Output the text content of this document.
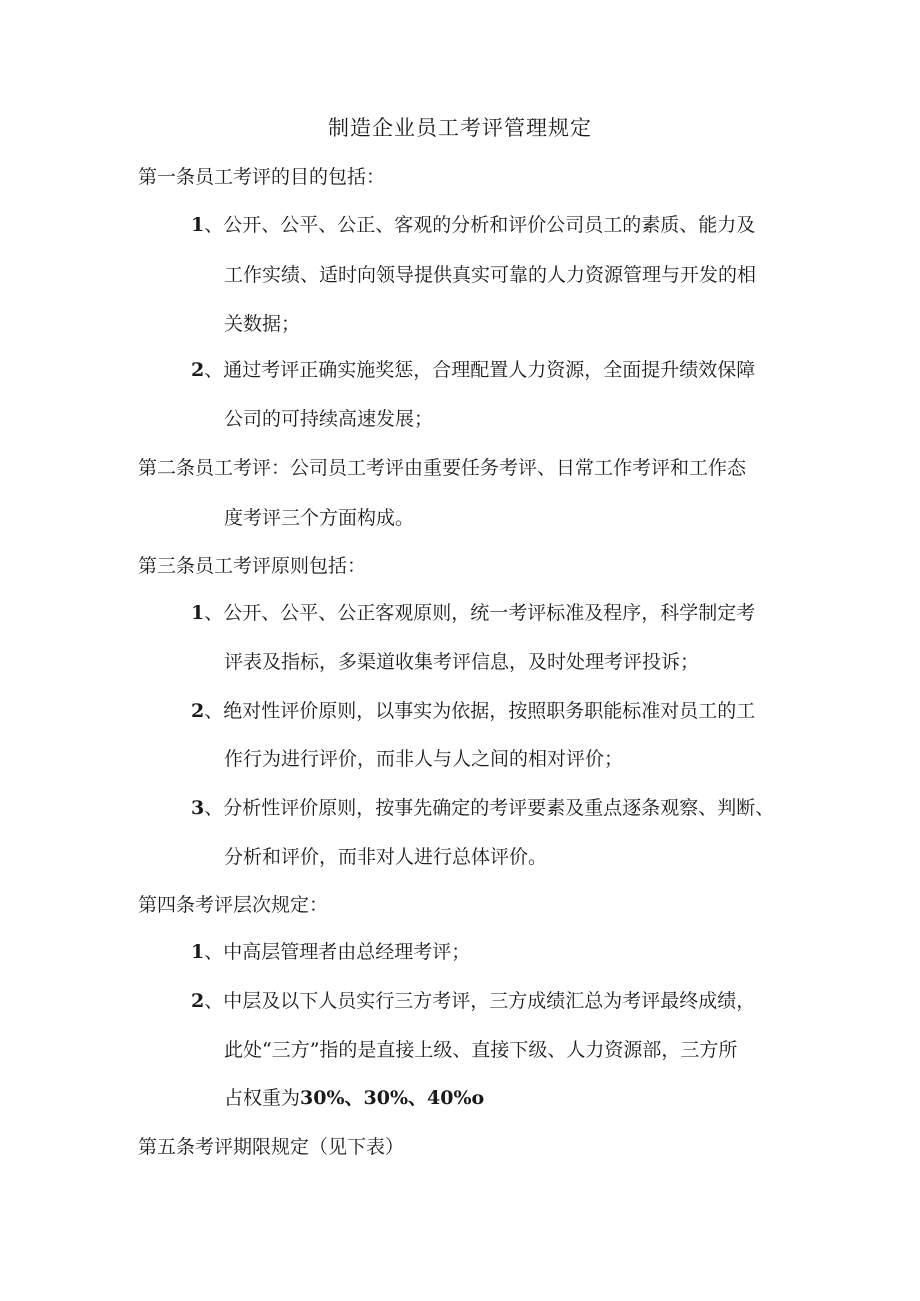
制造企业员工考评管理规定
第一条员工考评的目的包括：
1、公开、公平、公正、客观的分析和评价公司员工的素质、能力及
工作实绩、适时向领导提供真实可靠的人力资源管理与开发的相
关数据；
2、通过考评正确实施奖惩，合理配置人力资源，全面提升绩效保障
公司的可持续高速发展；
第二条员工考评：公司员工考评由重要任务考评、日常工作考评和工作态
度考评三个方面构成。
第三条员工考评原则包括：
1、公开、公平、公正客观原则，统一考评标准及程序，科学制定考
评表及指标，多渠道收集考评信息，及时处理考评投诉；
2、绝对性评价原则，以事实为依据，按照职务职能标准对员工的工
作行为进行评价，而非人与人之间的相对评价；
3、分析性评价原则，按事先确定的考评要素及重点逐条观察、判断、
分析和评价，而非对人进行总体评价。
第四条考评层次规定：
1、中高层管理者由总经理考评；
2、中层及以下人员实行三方考评，三方成绩汇总为考评最终成绩，
此处“三方”指的是直接上级、直接下级、人力资源部，三方所
占权重为30%、30%、40%o
第五条考评期限规定（见下表）
